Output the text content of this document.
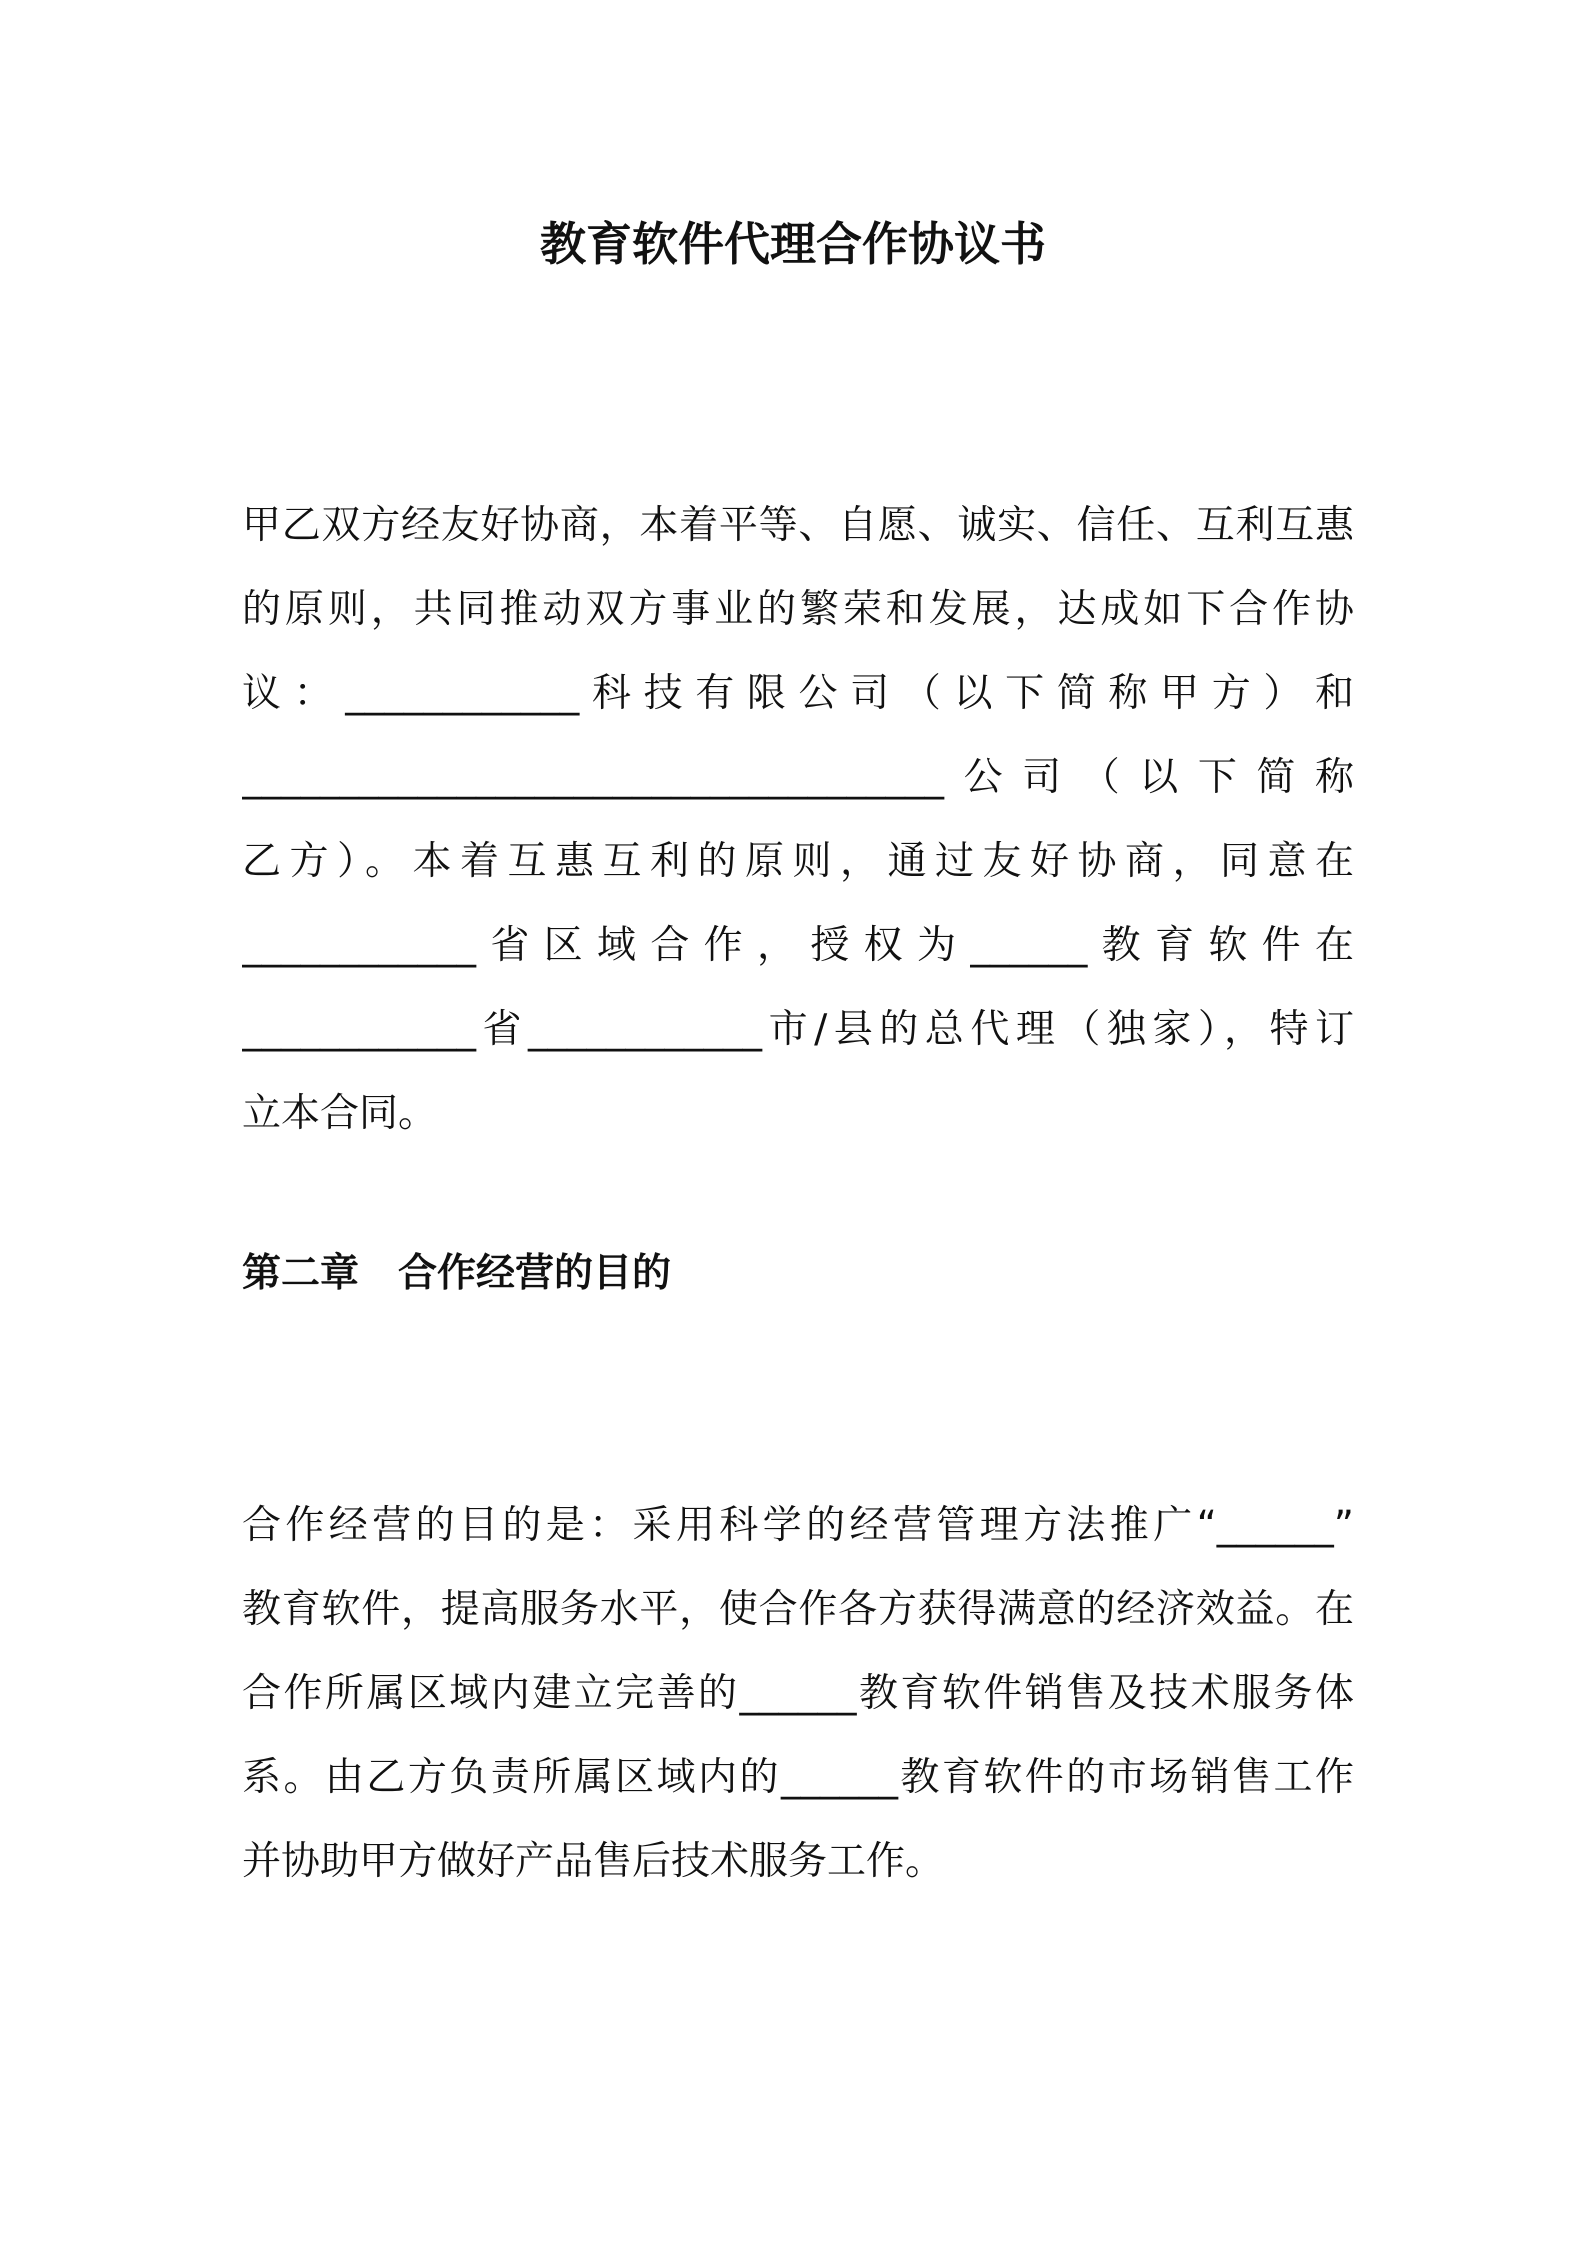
教育软件代理合作协议书

甲乙双方经友好协商，本着平等、自愿、诚实、信任、互利互惠

的原则，共同推动双方事业的繁荣和发展，达成如下合作协

议：____________科技有限公司（以下简称甲方）和

____________________________________公司（以下简称

乙方）。本着互惠互利的原则，通过友好协商，同意在

____________省区域合作，授权为______教育软件在

____________省____________市/县的总代理（独家），特订

立本合同。

第二章　合作经营的目的

合作经营的目的是：采用科学的经营管理方法推广“______”

教育软件，提高服务水平，使合作各方获得满意的经济效益。在

合作所属区域内建立完善的______教育软件销售及技术服务体

系。由乙方负责所属区域内的______教育软件的市场销售工作

并协助甲方做好产品售后技术服务工作。
